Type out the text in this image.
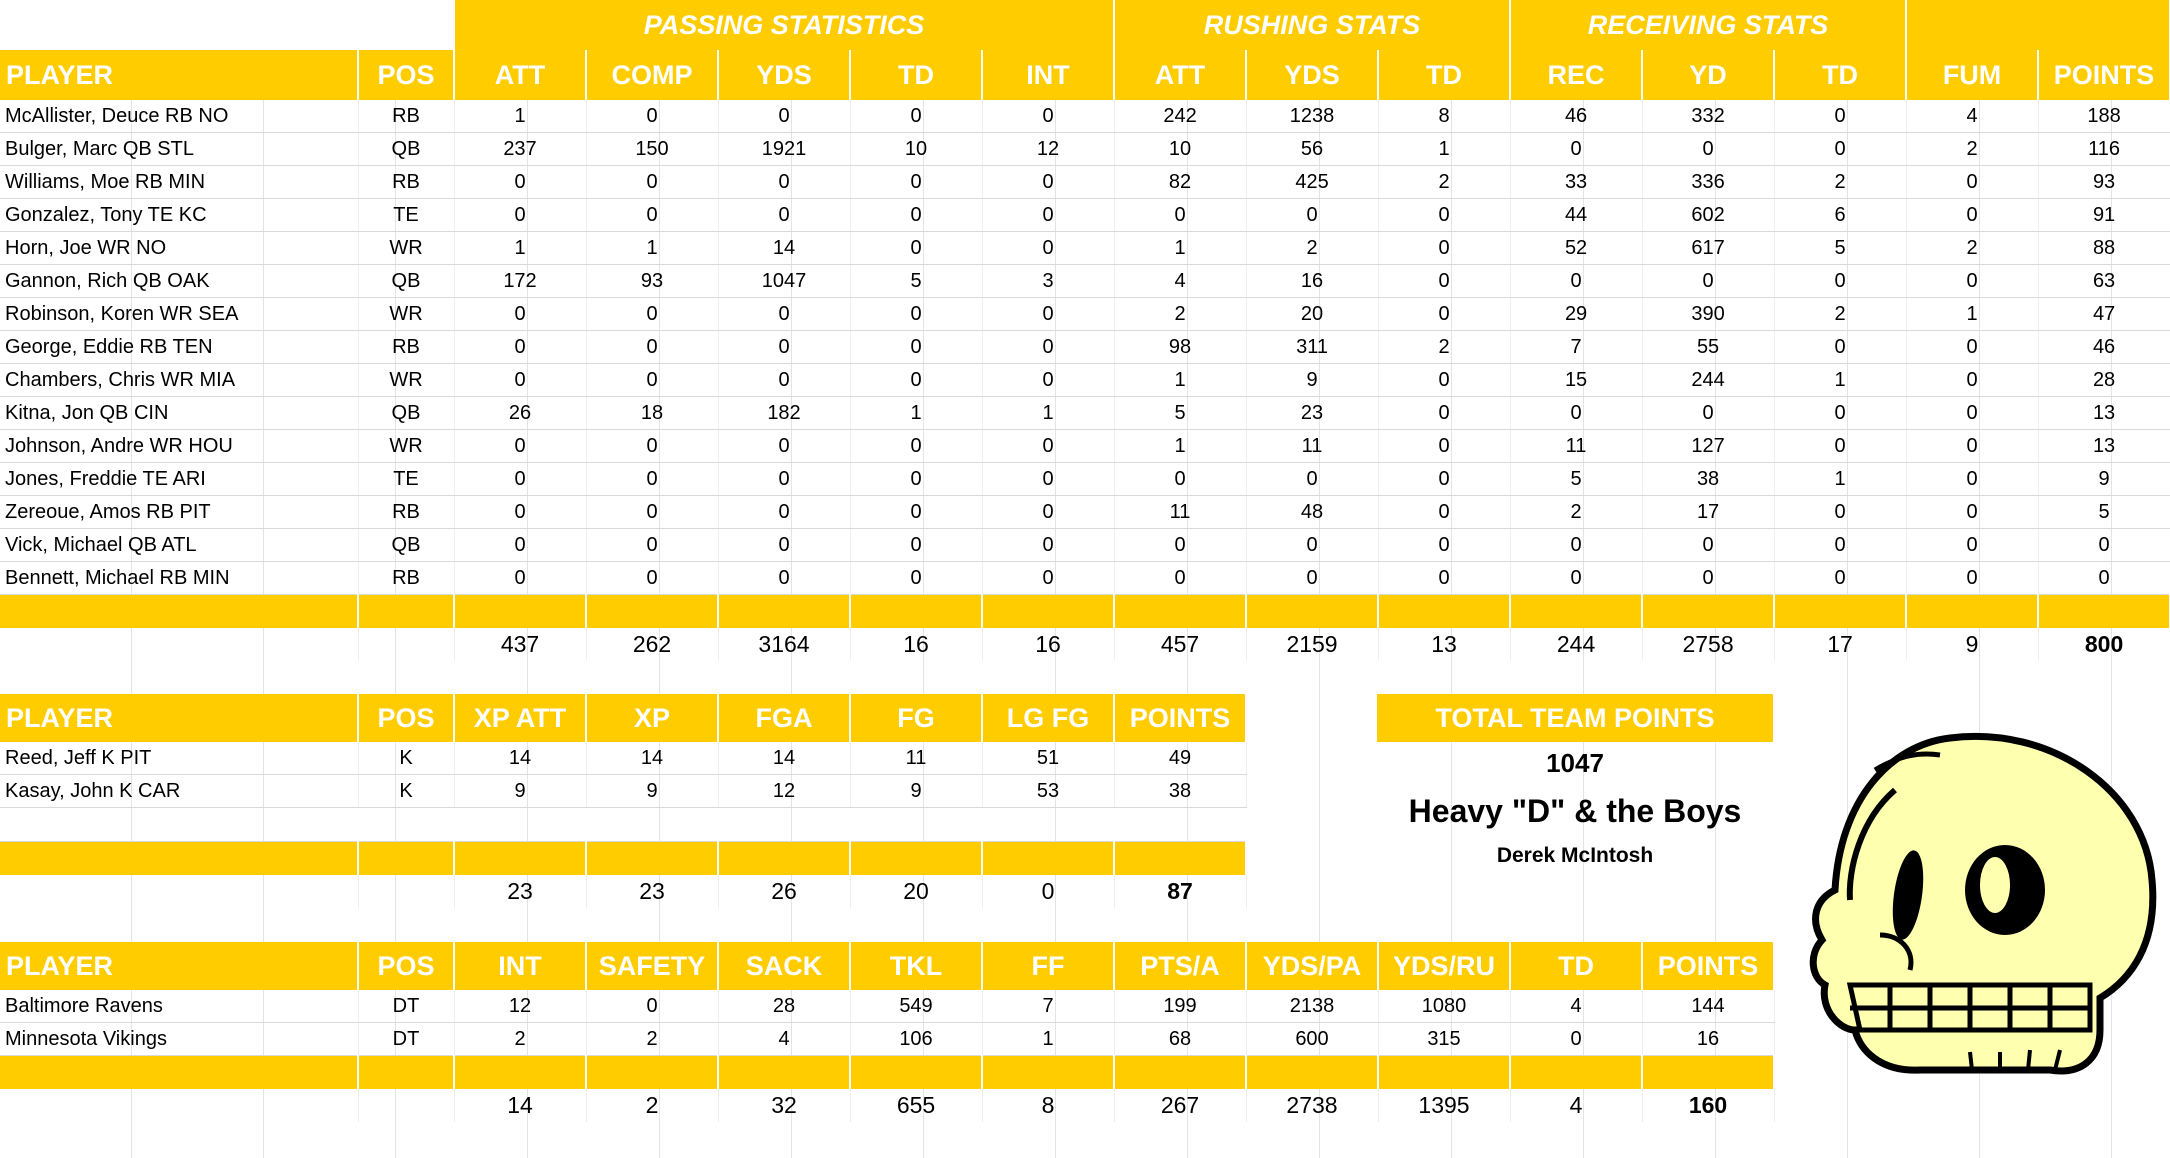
		PASSING STATISTICS					RUSHING STATS			RECEIVING STATS				
PLAYER	POS	ATT	COMP	YDS	TD	INT	ATT	YDS	TD	REC	YD	TD	FUM	POINTS
McAllister, Deuce RB NO	RB	1	0	0	0	0	242	1238	8	46	332	0	4	188
Bulger, Marc QB STL	QB	237	150	1921	10	12	10	56	1	0	0	0	2	116
Williams, Moe RB MIN	RB	0	0	0	0	0	82	425	2	33	336	2	0	93
Gonzalez, Tony TE KC	TE	0	0	0	0	0	0	0	0	44	602	6	0	91
Horn, Joe WR NO	WR	1	1	14	0	0	1	2	0	52	617	5	2	88
Gannon, Rich QB OAK	QB	172	93	1047	5	3	4	16	0	0	0	0	0	63
Robinson, Koren WR SEA	WR	0	0	0	0	0	2	20	0	29	390	2	1	47
George, Eddie RB TEN	RB	0	0	0	0	0	98	311	2	7	55	0	0	46
Chambers, Chris WR MIA	WR	0	0	0	0	0	1	9	0	15	244	1	0	28
Kitna, Jon QB CIN	QB	26	18	182	1	1	5	23	0	0	0	0	0	13
Johnson, Andre WR HOU	WR	0	0	0	0	0	1	11	0	11	127	0	0	13
Jones, Freddie TE ARI	TE	0	0	0	0	0	0	0	0	5	38	1	0	9
Zereoue, Amos RB PIT	RB	0	0	0	0	0	11	48	0	2	17	0	0	5
Vick, Michael QB ATL	QB	0	0	0	0	0	0	0	0	0	0	0	0	0
Bennett, Michael RB MIN	RB	0	0	0	0	0	0	0	0	0	0	0	0	0

		437	262	3164	16	16	457	2159	13	244	2758	17	9	800
PLAYER	POS	XP ATT	XP	FGA	FG	LG FG	POINTS
Reed, Jeff K PIT	K	14	14	14	11	51	49
Kasay, John K CAR	K	9	9	12	9	53	38

		23	23	26	20	0	87
PLAYER	POS	INT	SAFETY	SACK	TKL	FF	PTS/A	YDS/PA	YDS/RU	TD	POINTS
Baltimore Ravens	DT	12	0	28	549	7	199	2138	1080	4	144
Minnesota Vikings	DT	2	2	4	106	1	68	600	315	0	16

		14	2	32	655	8	267	2738	1395	4	160
TOTAL TEAM POINTS
1047
Heavy "D" & the Boys
Derek McIntosh
